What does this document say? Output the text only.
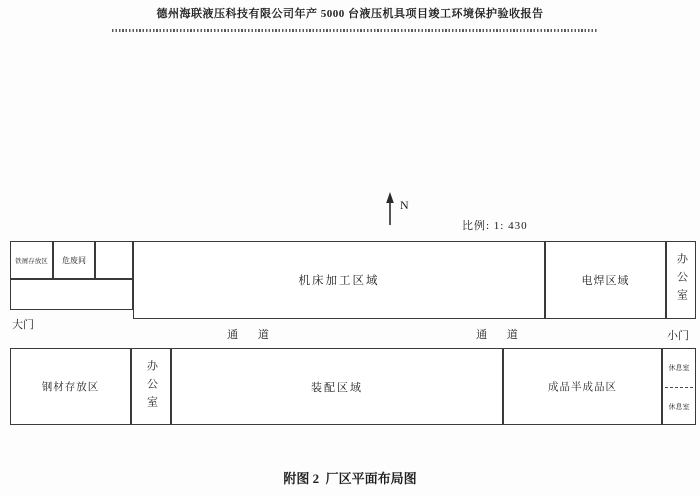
德州海联液压科技有限公司年产 5000 台液压机具项目竣工环境保护验收报告
N
比例: 1: 430
铁屑存放区 危废间
机床加工区域	电焊区域	办公室
大门
通 道	通 道	小门
钢材存放区	办公室	装配区域	成品半成品区
休息室
休息室
附图 2  厂区平面布局图
